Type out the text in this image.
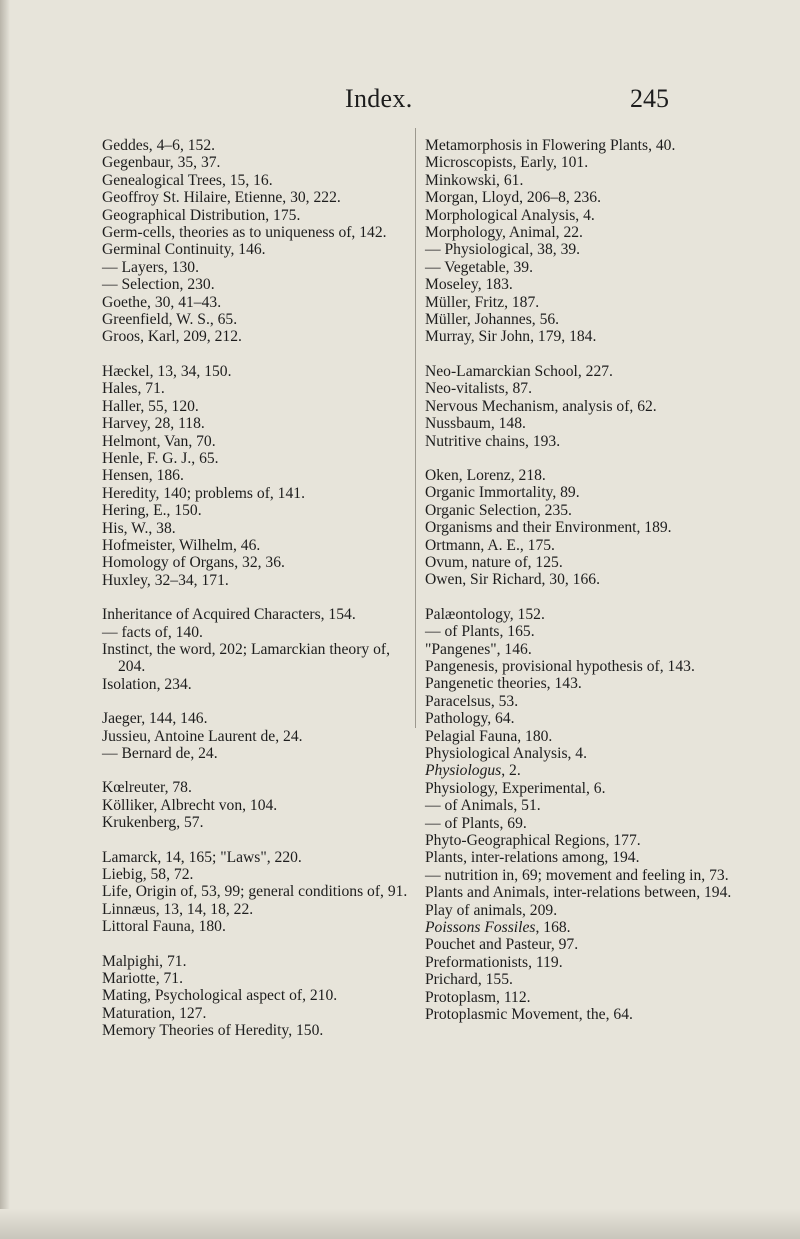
Index.	245
Geddes, 4–6, 152.
Gegenbaur, 35, 37.
Genealogical Trees, 15, 16.
Geoffroy St. Hilaire, Etienne, 30, 222.
Geographical Distribution, 175.
Germ-cells, theories as to uniqueness of, 142.
Germinal Continuity, 146.
— Layers, 130.
— Selection, 230.
Goethe, 30, 41–43.
Greenfield, W. S., 65.
Groos, Karl, 209, 212.
Hæckel, 13, 34, 150.
Hales, 71.
Haller, 55, 120.
Harvey, 28, 118.
Helmont, Van, 70.
Henle, F. G. J., 65.
Hensen, 186.
Heredity, 140; problems of, 141.
Hering, E., 150.
His, W., 38.
Hofmeister, Wilhelm, 46.
Homology of Organs, 32, 36.
Huxley, 32–34, 171.
Inheritance of Acquired Characters, 154.
— facts of, 140.
Instinct, the word, 202; Lamarckian theory of, 204.
Isolation, 234.
Jaeger, 144, 146.
Jussieu, Antoine Laurent de, 24.
— Bernard de, 24.
Kœlreuter, 78.
Kölliker, Albrecht von, 104.
Krukenberg, 57.
Lamarck, 14, 165; "Laws", 220.
Liebig, 58, 72.
Life, Origin of, 53, 99; general conditions of, 91.
Linnæus, 13, 14, 18, 22.
Littoral Fauna, 180.
Malpighi, 71.
Mariotte, 71.
Mating, Psychological aspect of, 210.
Maturation, 127.
Memory Theories of Heredity, 150.
Metamorphosis in Flowering Plants, 40.
Microscopists, Early, 101.
Minkowski, 61.
Morgan, Lloyd, 206–8, 236.
Morphological Analysis, 4.
Morphology, Animal, 22.
— Physiological, 38, 39.
— Vegetable, 39.
Moseley, 183.
Müller, Fritz, 187.
Müller, Johannes, 56.
Murray, Sir John, 179, 184.
Neo-Lamarckian School, 227.
Neo-vitalists, 87.
Nervous Mechanism, analysis of, 62.
Nussbaum, 148.
Nutritive chains, 193.
Oken, Lorenz, 218.
Organic Immortality, 89.
Organic Selection, 235.
Organisms and their Environment, 189.
Ortmann, A. E., 175.
Ovum, nature of, 125.
Owen, Sir Richard, 30, 166.
Palæontology, 152.
— of Plants, 165.
"Pangenes", 146.
Pangenesis, provisional hypothesis of, 143.
Pangenetic theories, 143.
Paracelsus, 53.
Pathology, 64.
Pelagial Fauna, 180.
Physiological Analysis, 4.
Physiologus, 2.
Physiology, Experimental, 6.
— of Animals, 51.
— of Plants, 69.
Phyto-Geographical Regions, 177.
Plants, inter-relations among, 194.
— nutrition in, 69; movement and feeling in, 73.
Plants and Animals, inter-relations between, 194.
Play of animals, 209.
Poissons Fossiles, 168.
Pouchet and Pasteur, 97.
Preformationists, 119.
Prichard, 155.
Protoplasm, 112.
Protoplasmic Movement, the, 64.
